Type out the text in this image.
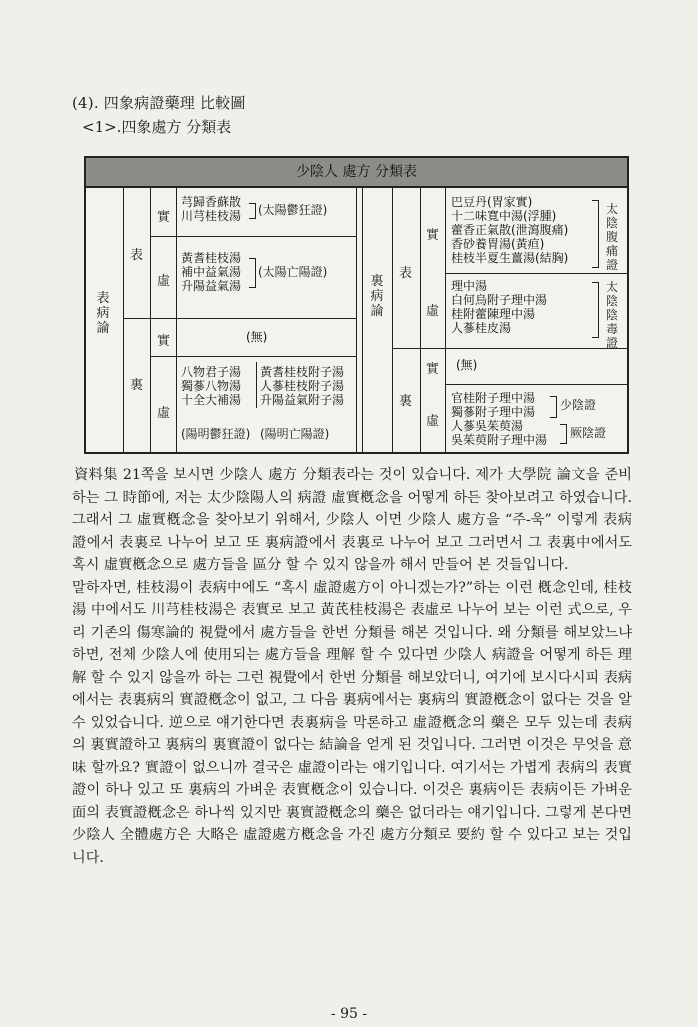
(4). 四象病證藥理 比較圖
<1>.四象處方 分類表
少陰人 處方 分類表
表病論
表
裏
實
虛
實
虛
芎歸香蘇散
川芎桂枝湯 (太陽鬱狂證)
黃耆桂枝湯
補中益氣湯
升陽益氣湯
(太陽亡陽證)
(無)
八物君子湯
獨蔘八物湯
十全大補湯
黃耆桂枝附子湯
人蔘桂枝附子湯
升陽益氣附子湯
(陽明鬱狂證) (陽明亡陽證)
裏病論
表
裏
實
虛
實
虛
巴豆丹(胃家實)
十二味寬中湯(浮腫)
藿香正氣散(泄瀉腹痛)
香砂養胃湯(黃疸)
桂枝半夏生薑湯(結胸)
太陰腹痛證
理中湯
白何烏附子理中湯
桂附藿陳理中湯
人蔘桂皮湯
太陰陰毒證
(無)
官桂附子理中湯
獨蔘附子理中湯
人蔘吳茱萸湯
吳茱萸附子理中湯
少陰證
厥陰證

資料集 21쪽을 보시면 少陰人 處方 分類表라는 것이 있습니다. 제가 大學院 論文을 준비하는 그 時節에, 저는 太少陰陽人의 病證 虛實槪念을 어떻게 하든 찾아보려고 하였습니다. 그래서 그 虛實槪念을 찾아보기 위해서, 少陰人 이면 少陰人 處方을 “주-욱” 이렇게 表病證에서 表裏로 나누어 보고 또 裏病證에서 表裏로 나누어 보고 그러면서 그 表裏中에서도 혹시 虛實槪念으로 處方들을 區分 할 수 있지 않을까 해서 만들어 본 것들입니다.

말하자면, 桂枝湯이 表病中에도 “혹시 虛證處方이 아니겠는가?”하는 이런 槪念인데, 桂枝湯 中에서도 川芎桂枝湯은 表實로 보고 黃芪桂枝湯은 表虛로 나누어 보는 이런 式으로, 우리 기존의 傷寒論的 視覺에서 處方들을 한번 分類를 해본 것입니다. 왜 分類를 해보았느냐 하면, 전체 少陰人에 使用되는 處方들을 理解 할 수 있다면 少陰人 病證을 어떻게 하든 理解 할 수 있지 않을까 하는 그런 視覺에서 한번 分類를 해보았더니, 여기에 보시다시피 表病에서는 表裏病의 實證槪念이 없고, 그 다음 裏病에서는 裏病의 實證槪念이 없다는 것을 알 수 있었습니다. 逆으로 얘기한다면 表裏病을 막론하고 虛證槪念의 藥은 모두 있는데 表病의 裏實證하고 裏病의 裏實證이 없다는 結論을 얻게 된 것입니다. 그러면 이것은 무엇을 意味 할까요? 實證이 없으니까 결국은 虛證이라는 얘기입니다. 여기서는 가볍게 表病의 表實證이 하나 있고 또 裏病의 가벼운 表實槪念이 있습니다. 이것은 裏病이든 表病이든 가벼운 面의 表實證槪念은 하나씩 있지만 裏實證槪念의 藥은 없더라는 얘기입니다. 그렇게 본다면 少陰人 全體處方은 大略은 虛證處方槪念을 가진 處方分類로 要約 할 수 있다고 보는 것입니다.

- 95 -
